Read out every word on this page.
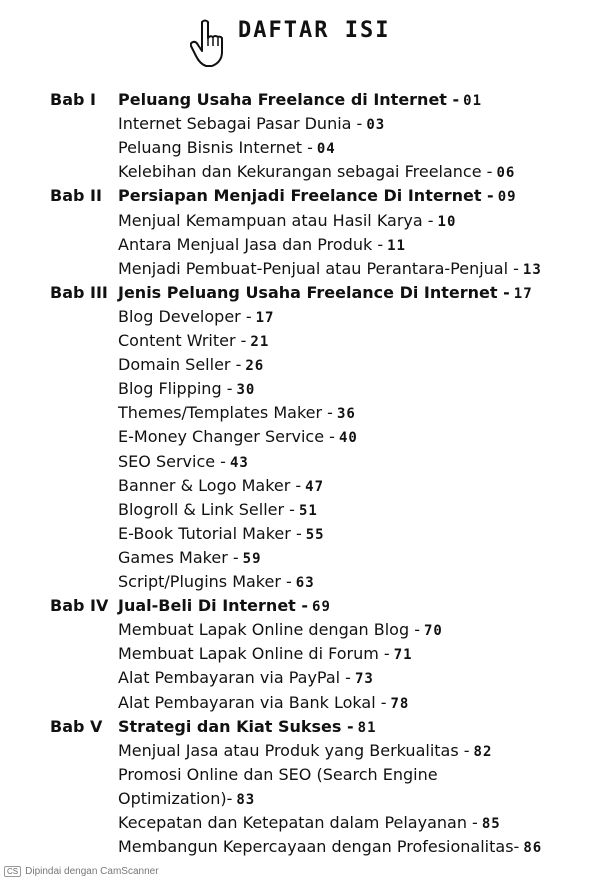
DAFTAR ISI
Bab I Peluang Usaha Freelance di Internet - 01
Internet Sebagai Pasar Dunia - 03
Peluang Bisnis Internet - 04
Kelebihan dan Kekurangan sebagai Freelance - 06
Bab II Persiapan Menjadi Freelance Di Internet - 09
Menjual Kemampuan atau Hasil Karya - 10
Antara Menjual Jasa dan Produk - 11
Menjadi Pembuat-Penjual atau Perantara-Penjual - 13
Bab III Jenis Peluang Usaha Freelance Di Internet - 17
Blog Developer - 17
Content Writer - 21
Domain Seller - 26
Blog Flipping - 30
Themes/Templates Maker - 36
E-Money Changer Service - 40
SEO Service - 43
Banner & Logo Maker - 47
Blogroll & Link Seller - 51
E-Book Tutorial Maker - 55
Games Maker - 59
Script/Plugins Maker - 63
Bab IV Jual-Beli Di Internet - 69
Membuat Lapak Online dengan Blog - 70
Membuat Lapak Online di Forum - 71
Alat Pembayaran via PayPal - 73
Alat Pembayaran via Bank Lokal - 78
Bab V Strategi dan Kiat Sukses - 81
Menjual Jasa atau Produk yang Berkualitas - 82
Promosi Online dan SEO (Search Engine
Optimization)- 83
Kecepatan dan Ketepatan dalam Pelayanan - 85
Membangun Kepercayaan dengan Profesionalitas- 86
CS Dipindai dengan CamScanner
